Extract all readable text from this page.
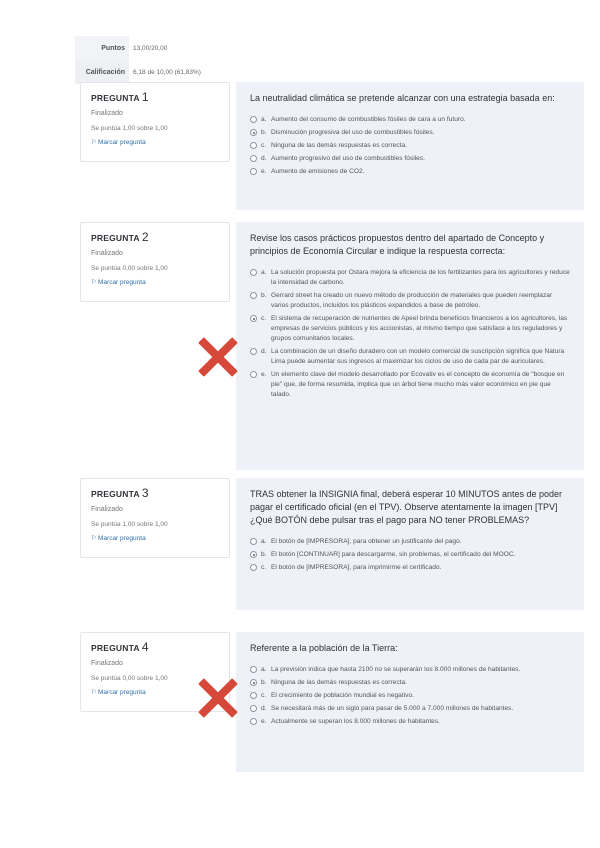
Puntos	13,00/20,00
Calificación	6,18 de 10,00 (61,83%)
PREGUNTA 1
Finalizado
Se puntúa 1,00 sobre 1,00
⚐Marcar pregunta
La neutralidad climática se pretende alcanzar con una estrategia basada en:
a. Aumento del consumo de combustibles fósiles de cara a un futuro.
b. Disminución progresiva del uso de combustibles fósiles.
c. Ninguna de las demás respuestas es correcta.
d. Aumento progresivo del uso de combustibles fósiles.
e. Aumento de emisiones de CO2.
PREGUNTA 2
Finalizado
Se puntúa 0,00 sobre 1,00
⚐Marcar pregunta
Revise los casos prácticos propuestos dentro del apartado de Concepto y principios de Economía Circular e indique la respuesta correcta:
a. La solución propuesta por Ostara mejora la eficiencia de los fertilizantes para los agricultores y reduce la intensidad de carbono.
b. Gerrard street ha creado un nuevo método de producción de materiales que pueden reemplazar varios productos, incluidos los plásticos expandidos a base de petróleo.
c. El sistema de recuperación de nutrientes de Apeel brinda beneficios financieros a los agricultores, las empresas de servicios públicos y los accionistas, al mismo tiempo que satisface a los reguladores y grupos comunitarios locales.
d. La combinación de un diseño duradero con un modelo comercial de suscripción significa que Natura Lima puede aumentar sus ingresos al maximizar los ciclos de uso de cada par de auriculares.
e. Un elemento clave del modelo desarrollado por Ecovativ es el concepto de economía de "bosque en pie" que, de forma resumida, implica que un árbol tiene mucho más valor económico en pie que talado.
PREGUNTA 3
Finalizado
Se puntúa 1,00 sobre 1,00
⚐Marcar pregunta
TRAS obtener la INSIGNIA final, deberá esperar 10 MINUTOS antes de poder pagar el certificado oficial (en el TPV). Observe atentamente la imagen [TPV] ¿Qué BOTÓN debe pulsar tras el pago para NO tener PROBLEMAS?
a. El botón de [IMPRESORA], para obtener un justificante del pago.
b. El botón [CONTINUAR] para descargarme, sin problemas, el certificado del MOOC.
c. El botón de [IMPRESORA], para imprimirme el certificado.
PREGUNTA 4
Finalizado
Se puntúa 0,00 sobre 1,00
⚐Marcar pregunta
Referente a la población de la Tierra:
a. La previsión indica que hasta 2100 no se superarán los 8.000 millones de habitantes.
b. Ninguna de las demás respuestas es correcta.
c. El crecimiento de población mundial es negativo.
d. Se necesitará más de un siglo para pasar de 5.000 a 7.000 millones de habitantes.
e. Actualmente se superan los 8.000 millones de habitantes.
